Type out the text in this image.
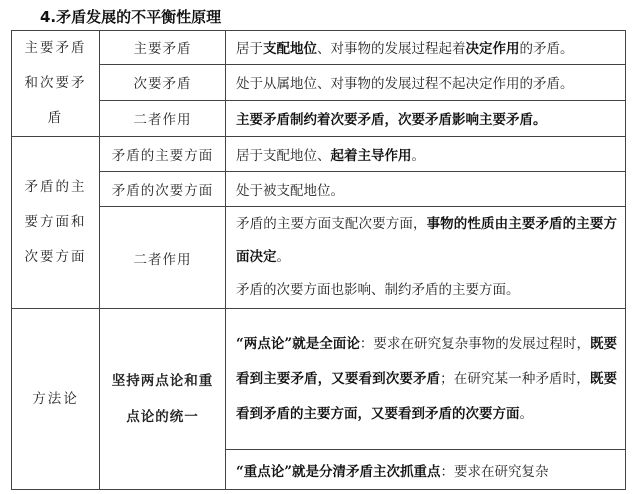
4.矛盾发展的不平衡性原理
主要矛盾和次要矛盾	主要矛盾	居于支配地位、对事物的发展过程起着决定作用的矛盾。
	次要矛盾	处于从属地位、对事物的发展过程不起决定作用的矛盾。
	二者作用	主要矛盾制约着次要矛盾，次要矛盾影响主要矛盾。
矛盾的主要方面和次要方面	矛盾的主要方面	居于支配地位、起着主导作用。
	矛盾的次要方面	处于被支配地位。
	二者作用	矛盾的主要方面支配次要方面，事物的性质由主要矛盾的主要方面决定。
矛盾的次要方面也影响、制约矛盾的主要方面。

方法论	坚持两点论和重点论的统一	“两点论”就是全面论：要求在研究复杂事物的发展过程时，既要看到主要矛盾，又要看到次要矛盾；在研究某一种矛盾时，既要看到矛盾的主要方面，又要看到矛盾的次要方面。

		“重点论”就是分清矛盾主次抓重点：要求在研究复杂
